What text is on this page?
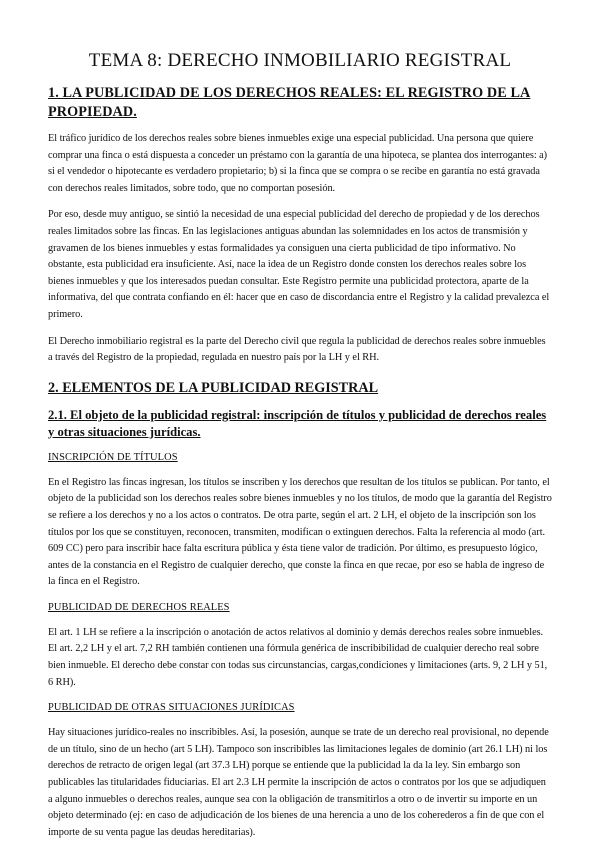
TEMA 8: DERECHO INMOBILIARIO REGISTRAL
1. LA PUBLICIDAD DE LOS DERECHOS REALES: EL REGISTRO DE LA PROPIEDAD.

El tráfico jurídico de los derechos reales sobre bienes inmuebles exige una especial publicidad. Una persona que quiere comprar una finca o está dispuesta a conceder un préstamo con la garantía de una hipoteca, se plantea dos interrogantes: a) si el vendedor o hipotecante es verdadero propietario; b) si la finca que se compra o se recibe en garantía no está gravada con derechos reales limitados, sobre todo, que no comportan posesión.

Por eso, desde muy antiguo, se sintió la necesidad de una especial publicidad del derecho de propiedad y de los derechos reales limitados sobre las fincas. En las legislaciones antiguas abundan las solemnidades en los actos de transmisión y gravamen de los bienes inmuebles y estas formalidades ya consiguen una cierta publicidad de tipo informativo. No obstante, esta publicidad era insuficiente. Así, nace la idea de un Registro donde consten los derechos reales sobre los bienes inmuebles y que los interesados puedan consultar. Este Registro permite una publicidad protectora, aparte de la informativa, del que contrata confiando en él: hacer que en caso de discordancia entre el Registro y la calidad prevalezca el primero.

El Derecho inmobiliario registral es la parte del Derecho civil que regula la publicidad de derechos reales sobre inmuebles a través del Registro de la propiedad, regulada en nuestro país por la LH y el RH.

2. ELEMENTOS DE LA PUBLICIDAD REGISTRAL
2.1. El objeto de la publicidad registral: inscripción de títulos y publicidad de derechos reales y otras situaciones jurídicas.
INSCRIPCIÓN DE TÍTULOS

En el Registro las fincas ingresan, los títulos se inscriben y los derechos que resultan de los títulos se publican. Por tanto, el objeto de la publicidad son los derechos reales sobre bienes inmuebles y no los títulos, de modo que la garantía del Registro se refiere a los derechos y no a los actos o contratos. De otra parte, según el art. 2 LH, el objeto de la inscripción son los títulos por los que se constituyen, reconocen, transmiten, modifican o extinguen derechos. Falta la referencia al modo (art. 609 CC) pero para inscribir hace falta escritura pública y ésta tiene valor de tradición. Por último, es presupuesto lógico, antes de la constancia en el Registro de cualquier derecho, que conste la finca en que recae, por eso se habla de ingreso de la finca en el Registro.

PUBLICIDAD DE DERECHOS REALES

El art. 1 LH se refiere a la inscripción o anotación de actos relativos al dominio y demás derechos reales sobre inmuebles. El art. 2,2 LH y el art. 7,2 RH también contienen una fórmula genérica de inscribibilidad de cualquier derecho real sobre bien inmueble. El derecho debe constar con todas sus circunstancias, cargas,condiciones y limitaciones (arts. 9, 2 LH y 51, 6 RH).

PUBLICIDAD DE OTRAS SITUACIONES JURÍDICAS

Hay situaciones jurídico-reales no inscribibles. Así, la posesión, aunque se trate de un derecho real provisional, no depende de un título, sino de un hecho (art 5 LH). Tampoco son inscribibles las limitaciones legales de dominio (art 26.1 LH) ni los derechos de retracto de origen legal (art 37.3 LH) porque se entiende que la publicidad la da la ley. Sin embargo son publicables las titularidades fiduciarias. El art 2.3 LH permite la inscripción de actos o contratos por los que se adjudiquen a alguno inmuebles o derechos reales, aunque sea con la obligación de transmitirlos a otro o de invertir su importe en un objeto determinado (ej: en caso de adjudicación de los bienes de una herencia a uno de los coherederos a fin de que con el importe de su venta pague las deudas hereditarias).
